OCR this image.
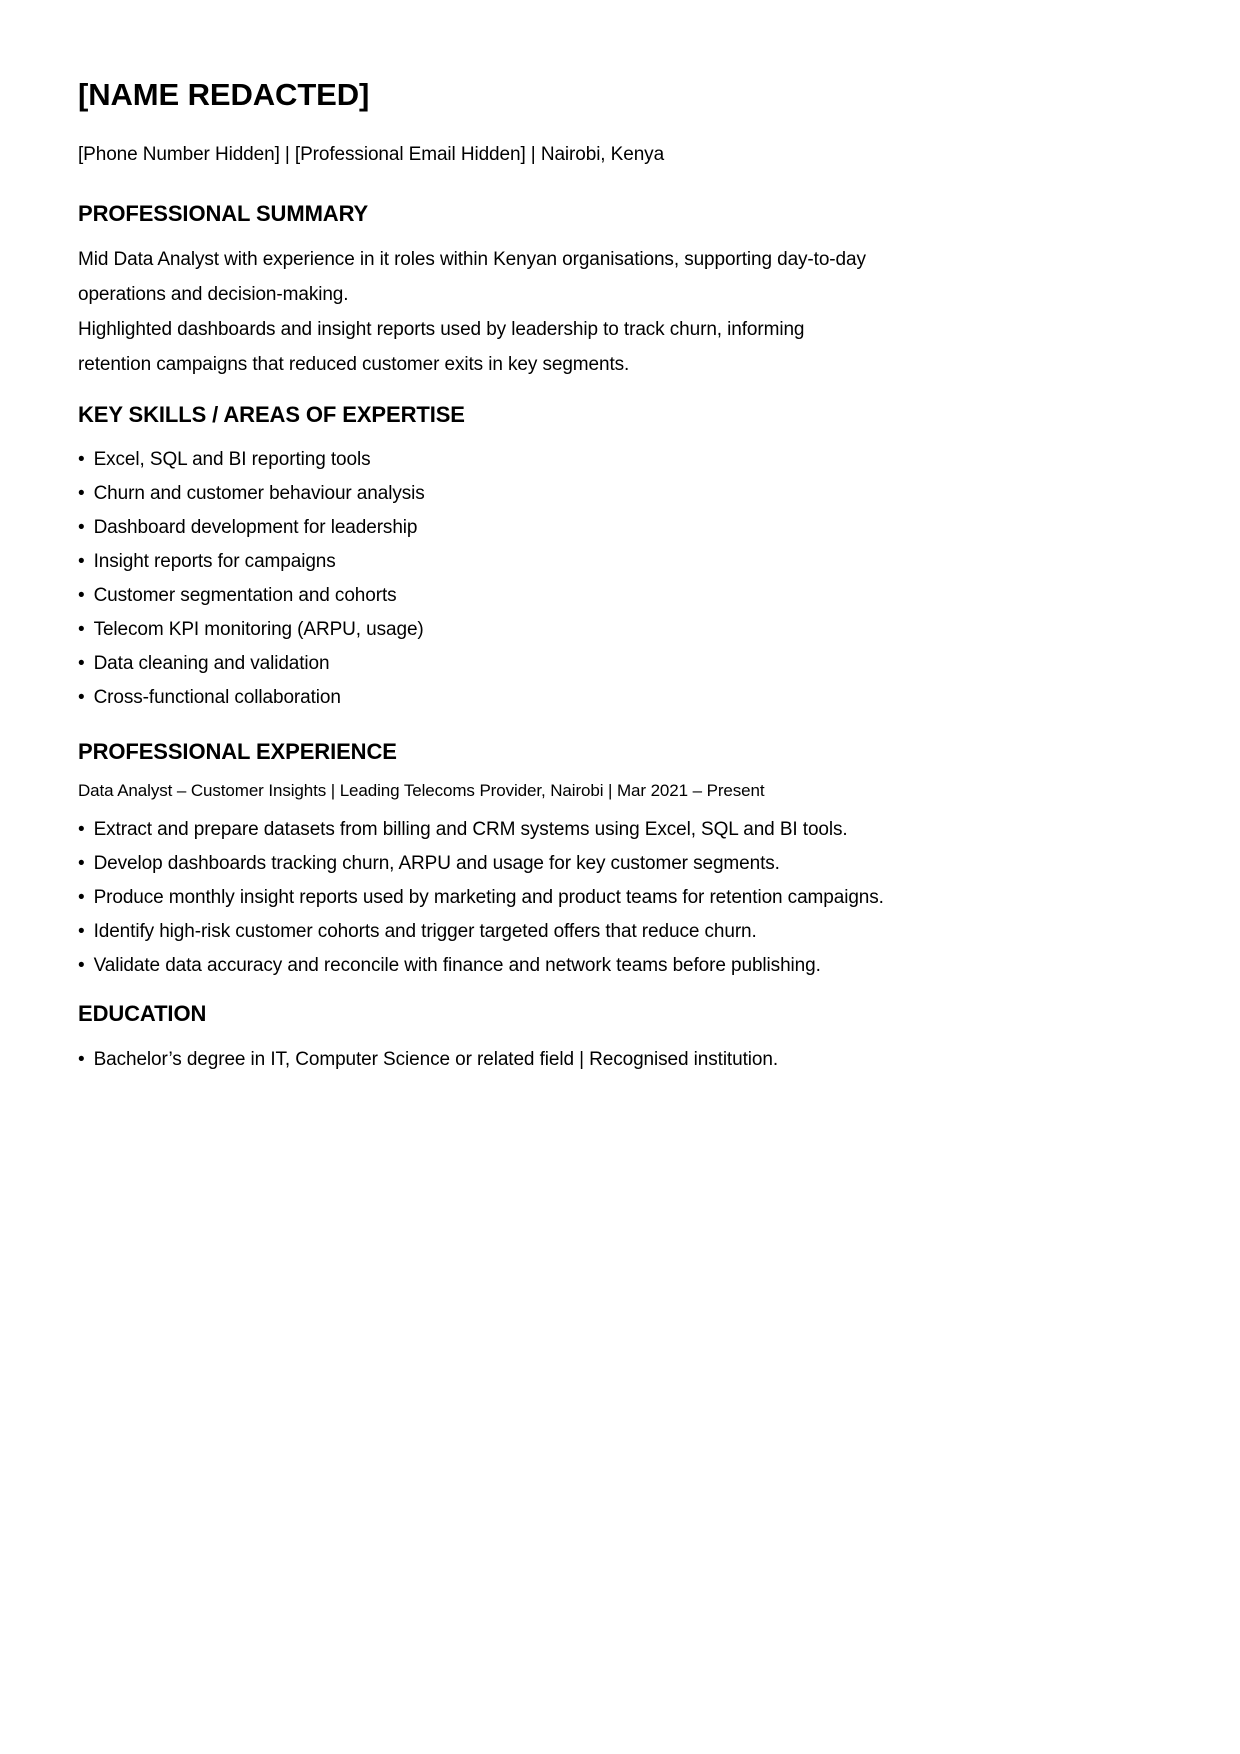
[NAME REDACTED]

[Phone Number Hidden] | [Professional Email Hidden] | Nairobi, Kenya

PROFESSIONAL SUMMARY
Mid Data Analyst with experience in it roles within Kenyan organisations, supporting day-to-day
operations and decision-making.
Highlighted dashboards and insight reports used by leadership to track churn, informing
retention campaigns that reduced customer exits in key segments.
KEY SKILLS / AREAS OF EXPERTISE
• Excel, SQL and BI reporting tools
• Churn and customer behaviour analysis
• Dashboard development for leadership
• Insight reports for campaigns
• Customer segmentation and cohorts
• Telecom KPI monitoring (ARPU, usage)
• Data cleaning and validation
• Cross-functional collaboration
PROFESSIONAL EXPERIENCE

Data Analyst – Customer Insights | Leading Telecoms Provider, Nairobi | Mar 2021 – Present

• Extract and prepare datasets from billing and CRM systems using Excel, SQL and BI tools.
• Develop dashboards tracking churn, ARPU and usage for key customer segments.
• Produce monthly insight reports used by marketing and product teams for retention campaigns.
• Identify high-risk customer cohorts and trigger targeted offers that reduce churn.
• Validate data accuracy and reconcile with finance and network teams before publishing.
EDUCATION
• Bachelor’s degree in IT, Computer Science or related field | Recognised institution.
